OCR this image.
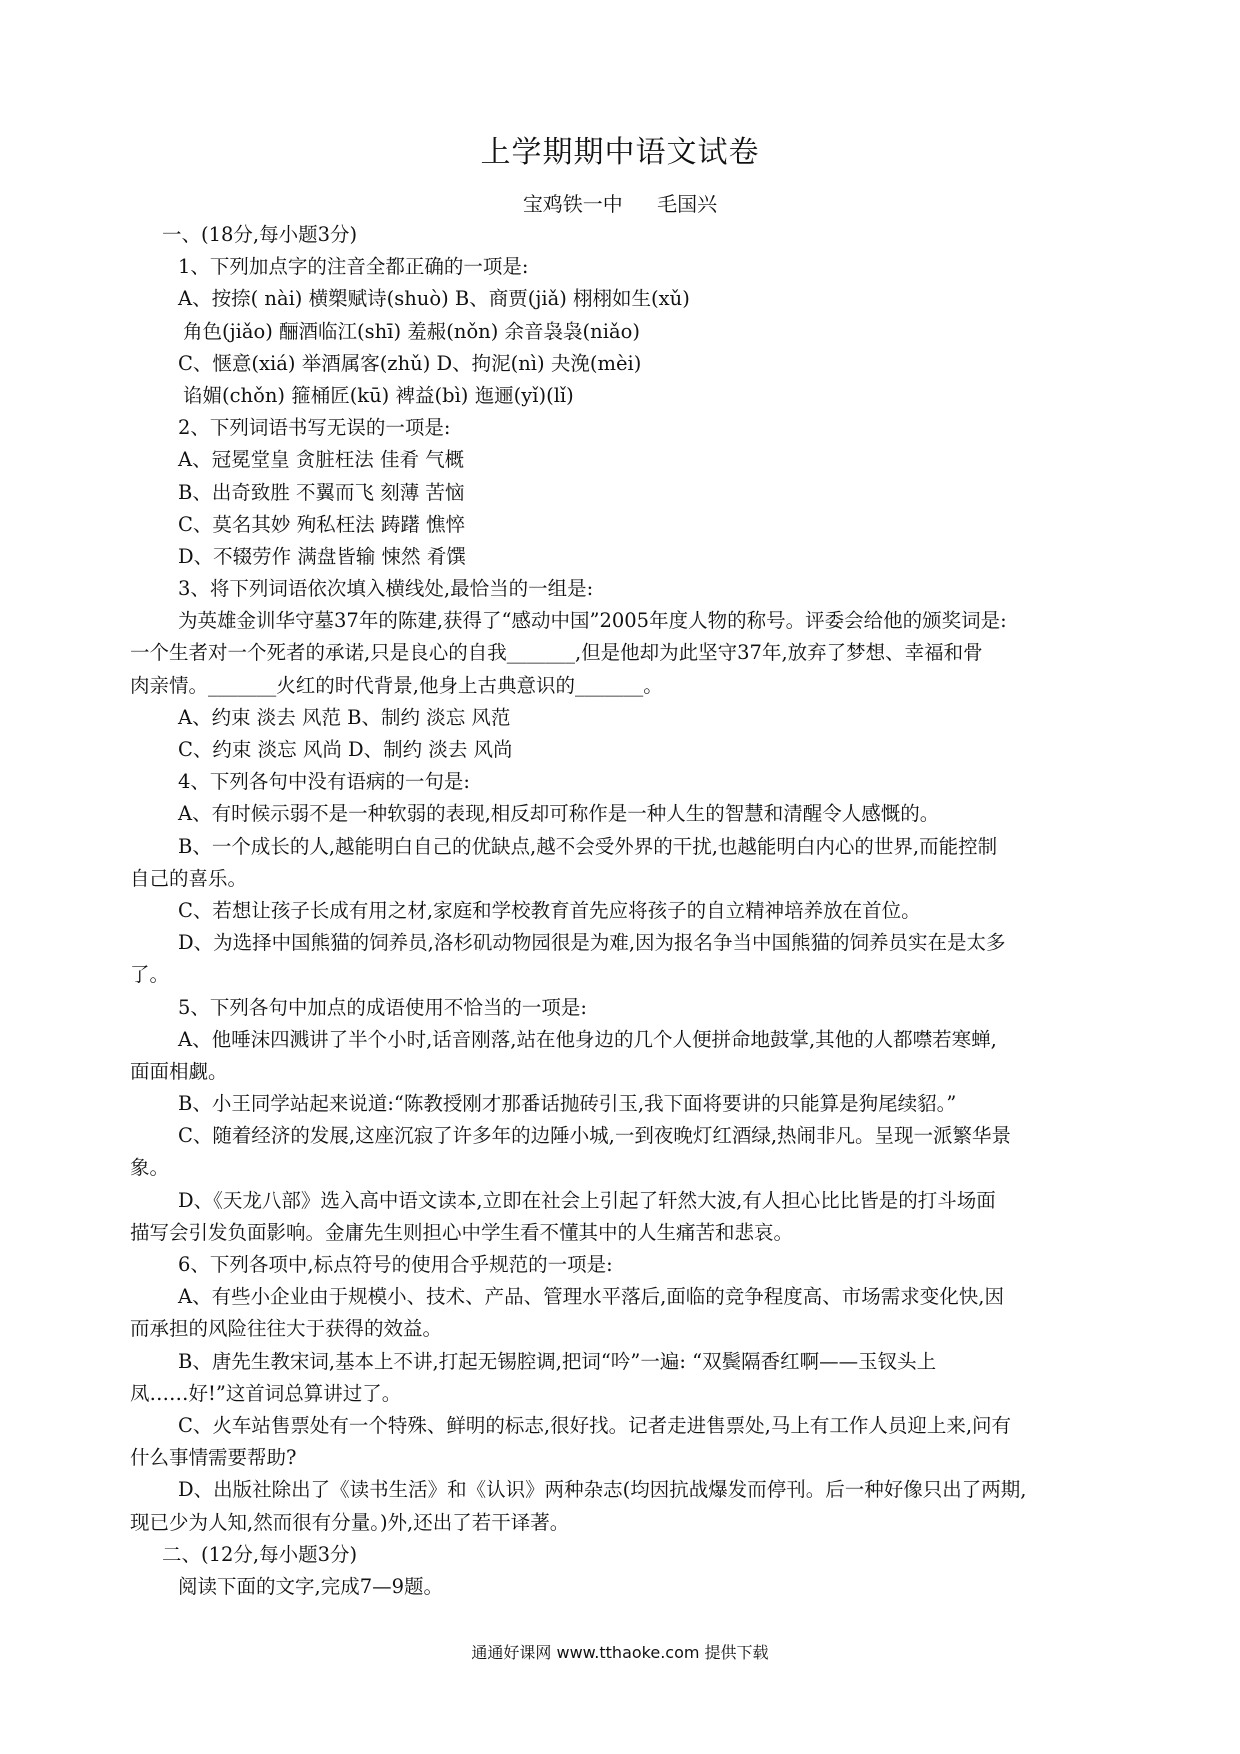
上学期期中语文试卷
宝鸡铁一中 毛国兴
一、(18分,每小题3分)
1、下列加点字的注音全都正确的一项是:
A、按捺( nài) 横槊赋诗(shuò) B、商贾(jiǎ) 栩栩如生(xǔ)
角色(jiǎo) 酾酒临江(shī) 羞赧(nǒn) 余音袅袅(niǎo)
C、惬意(xiá) 举酒属客(zhǔ) D、拘泥(nì) 夬浼(mèi)
谄媚(chǒn) 箍桶匠(kū) 裨益(bì) 迤逦(yǐ)(lǐ)
2、下列词语书写无误的一项是:
A、冠冕堂皇 贪脏枉法 佳肴 气概
B、出奇致胜 不翼而飞 刻薄 苦恼
C、莫名其妙 殉私枉法 踌躇 憔悴
D、不辍劳作 满盘皆输 悚然 肴馔
3、将下列词语依次填入横线处,最恰当的一组是:
为英雄金训华守墓37年的陈建,获得了“感动中国”2005年度人物的称号。评委会给他的颁奖词是:
一个生者对一个死者的承诺,只是良心的自我_______,但是他却为此坚守37年,放弃了梦想、幸福和骨
肉亲情。_______火红的时代背景,他身上古典意识的_______。
A、约束 淡去 风范 B、制约 淡忘 风范
C、约束 淡忘 风尚 D、制约 淡去 风尚
4、下列各句中没有语病的一句是:
A、有时候示弱不是一种软弱的表现,相反却可称作是一种人生的智慧和清醒令人感慨的。
B、一个成长的人,越能明白自己的优缺点,越不会受外界的干扰,也越能明白内心的世界,而能控制
自己的喜乐。
C、若想让孩子长成有用之材,家庭和学校教育首先应将孩子的自立精神培养放在首位。
D、为选择中国熊猫的饲养员,洛杉矶动物园很是为难,因为报名争当中国熊猫的饲养员实在是太多
了。
5、下列各句中加点的成语使用不恰当的一项是:
A、他唾沫四溅讲了半个小时,话音刚落,站在他身边的几个人便拼命地鼓掌,其他的人都噤若寒蝉,
面面相觑。
B、小王同学站起来说道:“陈教授刚才那番话抛砖引玉,我下面将要讲的只能算是狗尾续貂。”
C、随着经济的发展,这座沉寂了许多年的边陲小城,一到夜晚灯红酒绿,热闹非凡。呈现一派繁华景
象。
D、《天龙八部》选入高中语文读本,立即在社会上引起了轩然大波,有人担心比比皆是的打斗场面
描写会引发负面影响。金庸先生则担心中学生看不懂其中的人生痛苦和悲哀。
6、下列各项中,标点符号的使用合乎规范的一项是:
A、有些小企业由于规模小、技术、产品、管理水平落后,面临的竞争程度高、市场需求变化快,因
而承担的风险往往大于获得的效益。
B、唐先生教宋词,基本上不讲,打起无锡腔调,把词“吟”一遍: “双鬓隔香红啊——玉钗头上
凤……好!”这首词总算讲过了。
C、火车站售票处有一个特殊、鲜明的标志,很好找。记者走进售票处,马上有工作人员迎上来,问有
什么事情需要帮助?
D、出版社除出了《读书生活》和《认识》两种杂志(均因抗战爆发而停刊。后一种好像只出了两期,
现已少为人知,然而很有分量。)外,还出了若干译著。
二、(12分,每小题3分)
阅读下面的文字,完成7—9题。
通通好课网 www.tthaoke.com 提供下载
